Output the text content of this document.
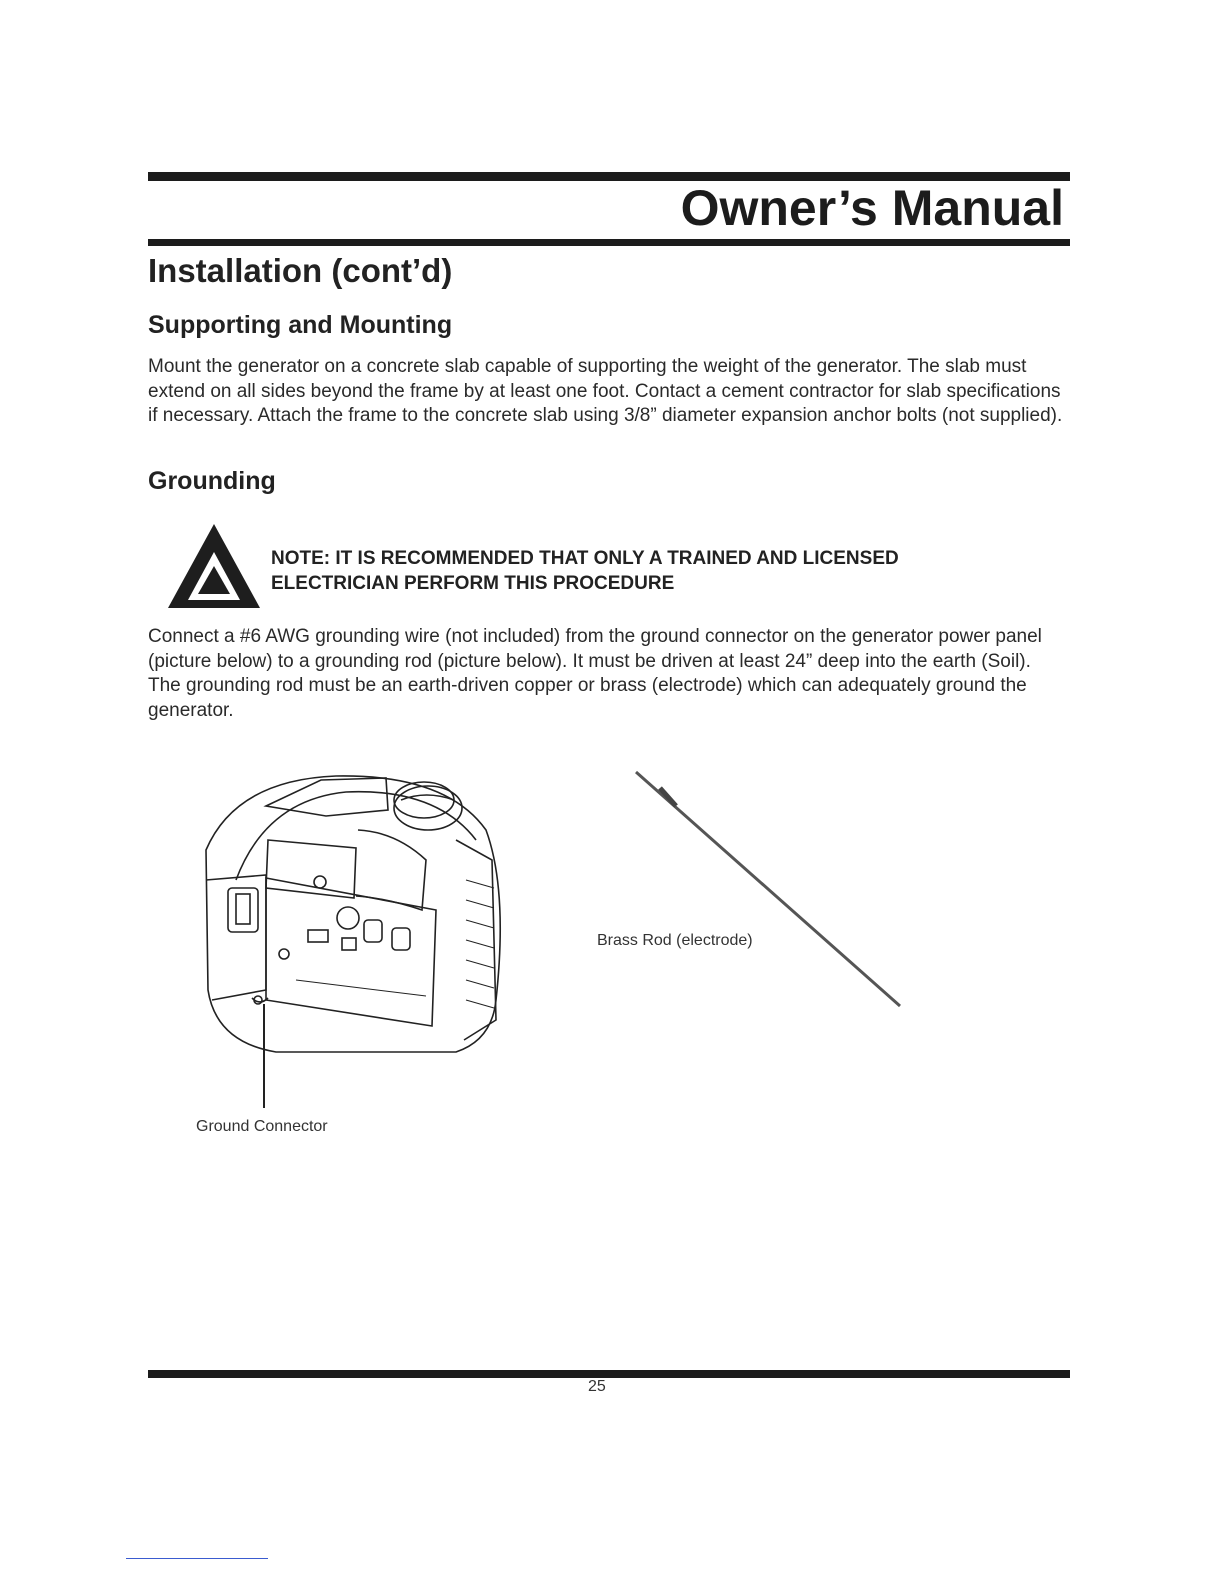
Owner’s Manual
Installation (cont’d)
Supporting and Mounting

Mount the generator on a concrete slab capable of supporting the weight of the generator. The slab must extend on all sides beyond the frame by at least one foot. Contact a cement contractor for slab specifications if necessary. Attach the frame to the concrete slab using 3/8” diameter expansion anchor bolts (not supplied).

Grounding

NOTE: IT IS RECOMMENDED THAT ONLY A TRAINED AND LICENSED
ELECTRICIAN PERFORM THIS PROCEDURE

Connect a #6 AWG grounding wire (not included) from the ground connector on the generator power panel (picture below) to a grounding rod (picture below). It must be driven at least 24” deep into the earth (Soil). The grounding rod must be an earth-driven copper or brass (electrode) which can adequately ground the generator.

Ground Connector
Brass Rod (electrode)
25
